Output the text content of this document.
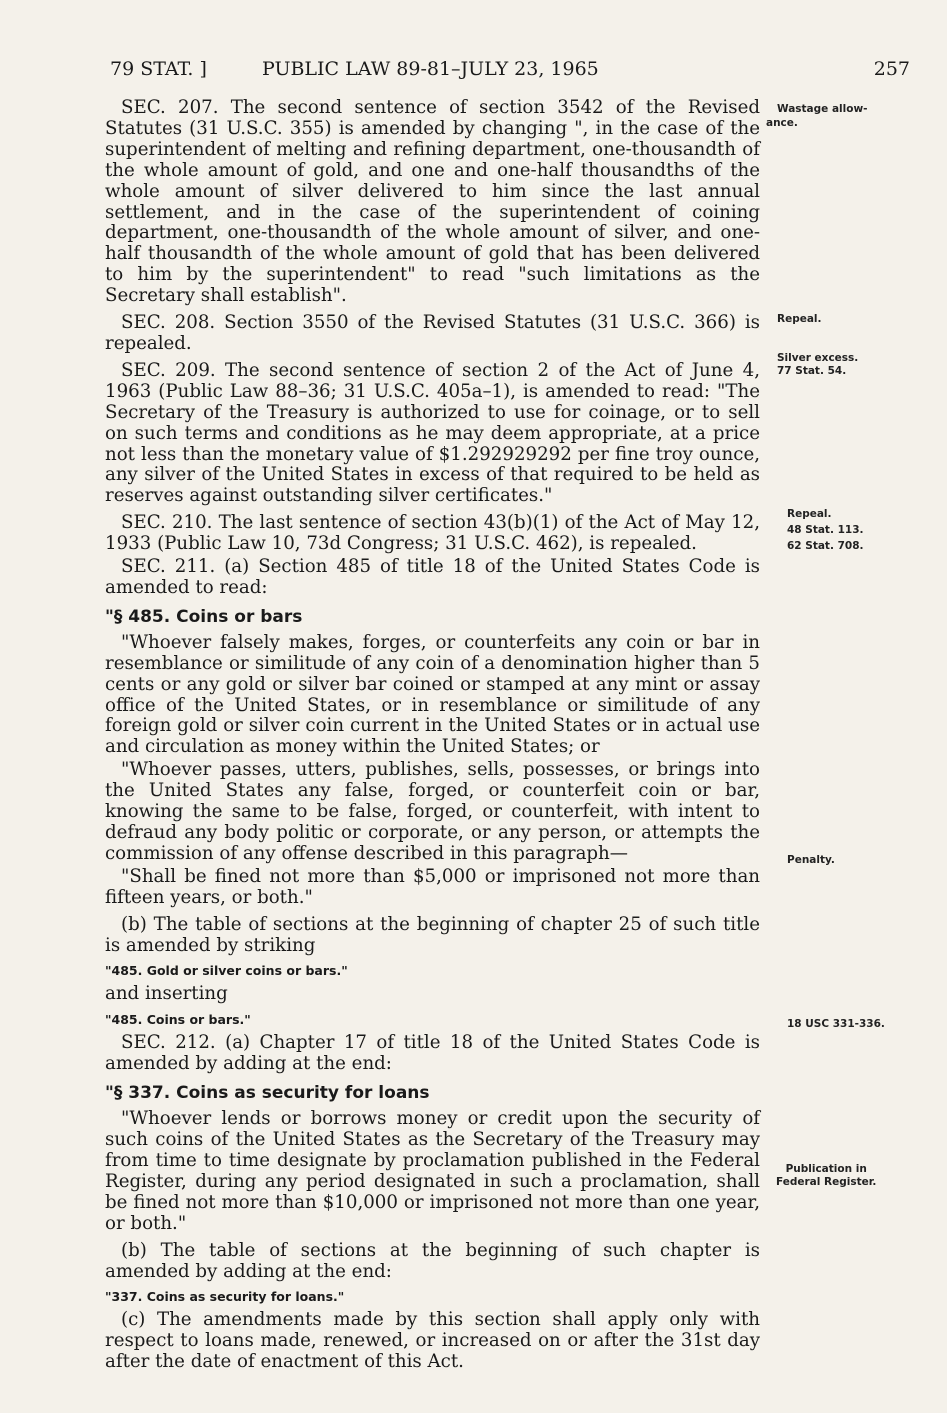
79 STAT. ]	PUBLIC LAW 89-81–JULY 23, 1965	257

SEC. 207. The second sentence of section 3542 of the Revised Statutes (31 U.S.C. 355) is amended by changing ", in the case of the superintendent of melting and refining department, one-thousandth of the whole amount of gold, and one and one-half thousandths of the whole amount of silver delivered to him since the last annual settlement, and in the case of the superintendent of coining department, one-thousandth of the whole amount of silver, and one-half thousandth of the whole amount of gold that has been delivered to him by the superintendent" to read "such limitations as the Secretary shall establish".

SEC. 208. Section 3550 of the Revised Statutes (31 U.S.C. 366) is repealed.

SEC. 209. The second sentence of section 2 of the Act of June 4, 1963 (Public Law 88–36; 31 U.S.C. 405a–1), is amended to read: "The Secretary of the Treasury is authorized to use for coinage, or to sell on such terms and conditions as he may deem appropriate, at a price not less than the monetary value of $1.292929292 per fine troy ounce, any silver of the United States in excess of that required to be held as reserves against outstanding silver certificates."

SEC. 210. The last sentence of section 43(b)(1) of the Act of May 12, 1933 (Public Law 10, 73d Congress; 31 U.S.C. 462), is repealed.

SEC. 211. (a) Section 485 of title 18 of the United States Code is amended to read:

"§ 485. Coins or bars

"Whoever falsely makes, forges, or counterfeits any coin or bar in resemblance or similitude of any coin of a denomination higher than 5 cents or any gold or silver bar coined or stamped at any mint or assay office of the United States, or in resemblance or similitude of any foreign gold or silver coin current in the United States or in actual use and circulation as money within the United States; or

"Whoever passes, utters, publishes, sells, possesses, or brings into the United States any false, forged, or counterfeit coin or bar, knowing the same to be false, forged, or counterfeit, with intent to defraud any body politic or corporate, or any person, or attempts the commission of any offense described in this paragraph—

"Shall be fined not more than $5,000 or imprisoned not more than fifteen years, or both."

(b) The table of sections at the beginning of chapter 25 of such title is amended by striking

"485. Gold or silver coins or bars."

and inserting

"485. Coins or bars."

SEC. 212. (a) Chapter 17 of title 18 of the United States Code is amended by adding at the end:

"§ 337. Coins as security for loans

"Whoever lends or borrows money or credit upon the security of such coins of the United States as the Secretary of the Treasury may from time to time designate by proclamation published in the Federal Register, during any period designated in such a proclamation, shall be fined not more than $10,000 or imprisoned not more than one year, or both."

(b) The table of sections at the beginning of such chapter is amended by adding at the end:

"337. Coins as security for loans."

(c) The amendments made by this section shall apply only with respect to loans made, renewed, or increased on or after the 31st day after the date of enactment of this Act.

Wastage allow-
ance.
Repeal.
Silver excess.
77 Stat. 54.
Repeal.
48 Stat. 113.
62 Stat. 708.
Penalty.
18 USC 331-336.
Publication in
Federal Register.
